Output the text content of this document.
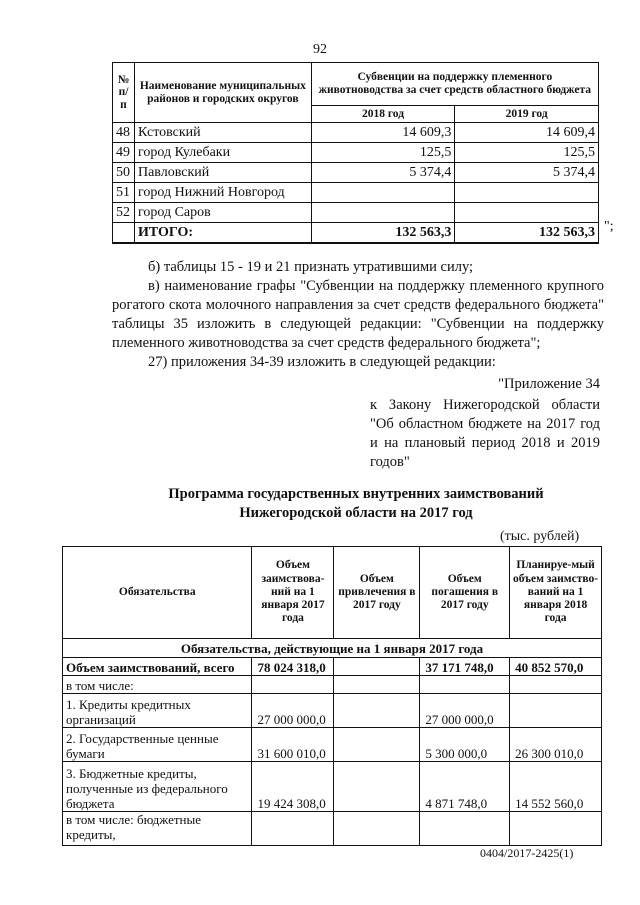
92
№ п/п	Наименование муниципальных районов и городских округов	Субвенции на поддержку племенного животноводства за счет средств областного бюджета	
		2018 год	2019 год
48	Кстовский	14 609,3	14 609,4
49	город Кулебаки	125,5	125,5
50	Павловский	5 374,4	5 374,4
51	город Нижний Новгород		
52	город Саров		
	ИТОГО:	132 563,3	132 563,3 ";
б) таблицы 15 - 19 и 21 признать утратившими силу;
в) наименование графы "Субвенции на поддержку племенного крупного рогатого скота молочного направления за счет средств федерального бюджета" таблицы 35 изложить в следующей редакции: "Субвенции на поддержку племенного животноводства за счет средств федерального бюджета";
27) приложения 34-39 изложить в следующей редакции:
"Приложение 34
к Закону Нижегородской области "Об областном бюджете на 2017 год и на плановый период 2018 и 2019 годов"
Программа государственных внутренних заимствований
Нижегородской области на 2017 год
(тыс. рублей)
Обязательства	Объем заимствова-ний на 1 января 2017 года	Объем привлечения в 2017 году	Объем погашения в 2017 году	Планируе-мый объем заимство-ваний на 1 января 2018 года
Обязательства, действующие на 1 января 2017 года				
Объем заимствований, всего	78 024 318,0		37 171 748,0	40 852 570,0
в том числе:				
1. Кредиты кредитных организаций	27 000 000,0		27 000 000,0	
2. Государственные ценные бумаги	31 600 010,0		5 300 000,0	26 300 010,0
3. Бюджетные кредиты, полученные из федерального бюджета	19 424 308,0		4 871 748,0	14 552 560,0
в том числе: бюджетные кредиты,				
0404/2017-2425(1)
